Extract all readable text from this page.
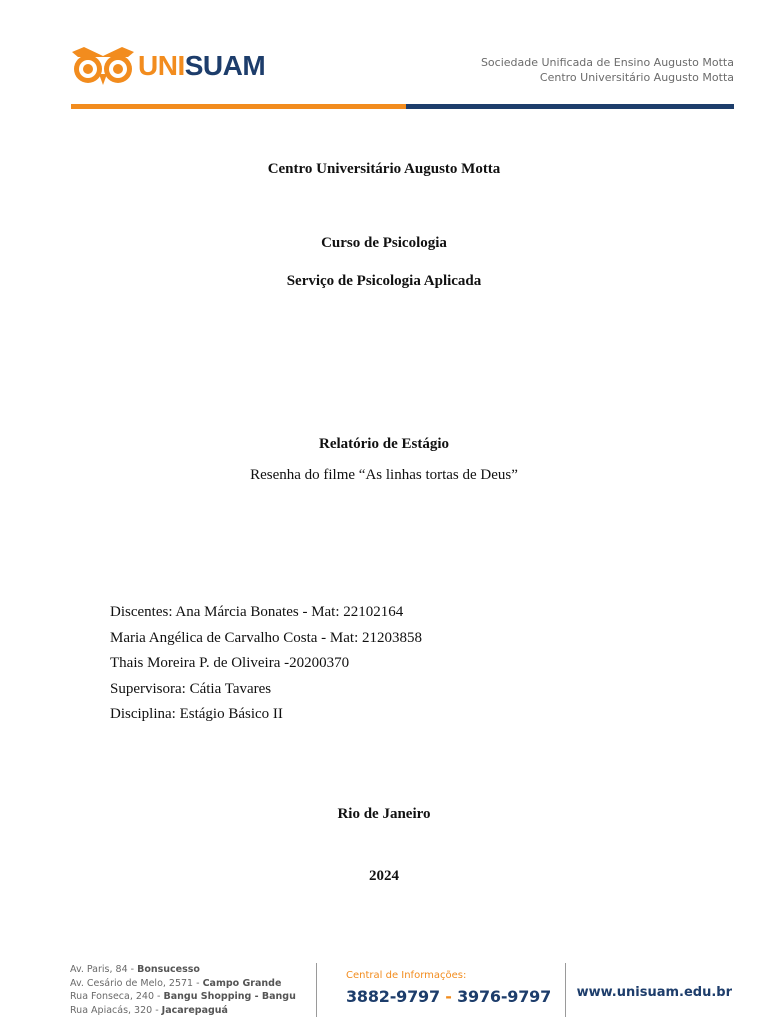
UNISUAM	Sociedade Unificada de Ensino Augusto Motta
Centro Universitário Augusto Motta
Centro Universitário Augusto Motta
Curso de Psicologia
Serviço de Psicologia Aplicada
Relatório de Estágio
Resenha do filme “As linhas tortas de Deus”
Discentes: Ana Márcia Bonates - Mat: 22102164
Maria Angélica de Carvalho Costa - Mat: 21203858
Thais Moreira P. de Oliveira -20200370
Supervisora: Cátia Tavares
Disciplina: Estágio Básico II
Rio de Janeiro
2024
Av. Paris, 84 - Bonsucesso
Av. Cesário de Melo, 2571 - Campo Grande
Rua Fonseca, 240 - Bangu Shopping - Bangu
Rua Apiacás, 320 - Jacarepaguá
Central de Informações:
3882-9797 - 3976-9797 www.unisuam.edu.br
